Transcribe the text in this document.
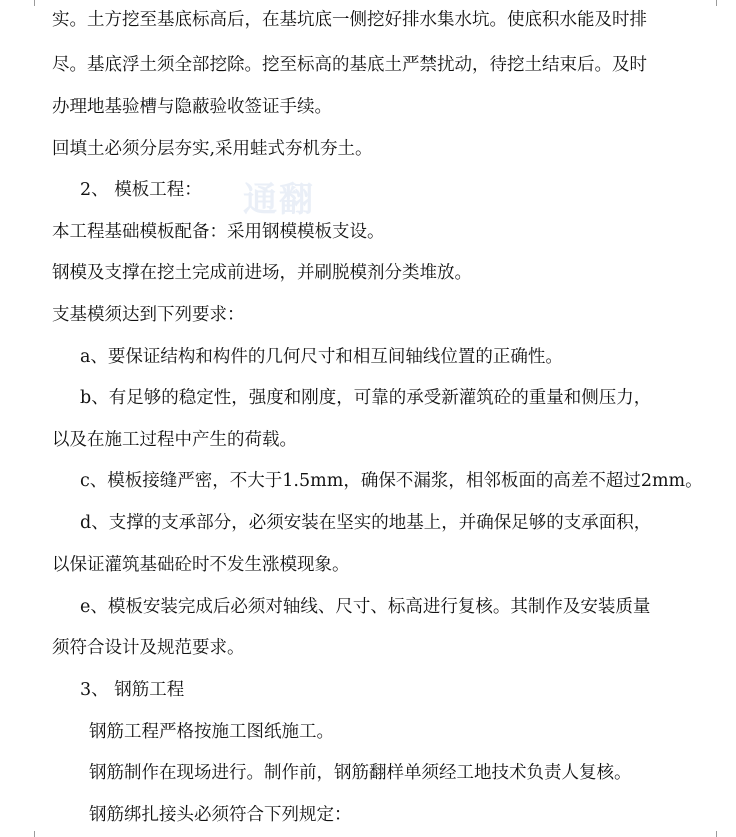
通翻
实。土方挖至基底标高后，在基坑底一侧挖好排水集水坑。使底积水能及时排
尽。基底浮土须全部挖除。挖至标高的基底土严禁扰动，待挖土结束后。及时
办理地基验槽与隐蔽验收签证手续。
回填土必须分层夯实,采用蛙式夯机夯土。
2、 模板工程：
本工程基础模板配备：采用钢模模板支设。
钢模及支撑在挖土完成前进场，并刷脱模剂分类堆放。
支基模须达到下列要求：
a、要保证结构和构件的几何尺寸和相互间轴线位置的正确性。
b、有足够的稳定性，强度和刚度，可靠的承受新灌筑砼的重量和侧压力，
以及在施工过程中产生的荷载。
c、模板接缝严密，不大于1.5mm，确保不漏浆，相邻板面的高差不超过2mm。
d、支撑的支承部分，必须安装在坚实的地基上，并确保足够的支承面积，
以保证灌筑基础砼时不发生涨模现象。
e、模板安装完成后必须对轴线、尺寸、标高进行复核。其制作及安装质量
须符合设计及规范要求。
3、 钢筋工程
钢筋工程严格按施工图纸施工。
钢筋制作在现场进行。制作前，钢筋翻样单须经工地技术负责人复核。
钢筋绑扎接头必须符合下列规定：
